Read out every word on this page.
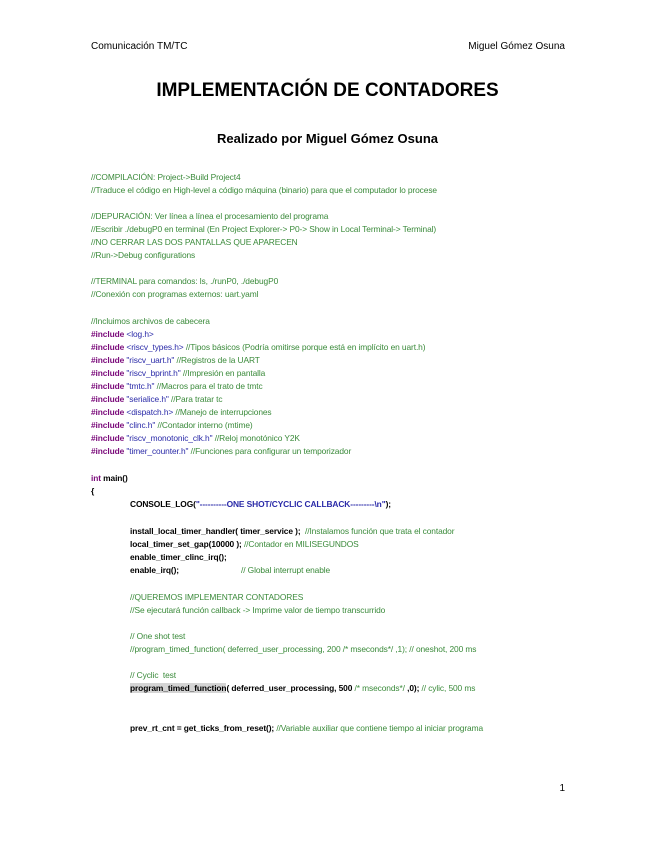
Comunicación TM/TC	Miguel Gómez Osuna
IMPLEMENTACIÓN DE CONTADORES
Realizado por Miguel Gómez Osuna
//COMPILACIÓN: Project->Build Project4
//Traduce el código en High-level a código máquina (binario) para que el computador lo procese
//DEPURACIÓN: Ver línea a línea el procesamiento del programa
//Escribir ./debugP0 en terminal (En Project Explorer-> P0-> Show in Local Terminal-> Terminal)
//NO CERRAR LAS DOS PANTALLAS QUE APARECEN
//Run->Debug configurations
//TERMINAL para comandos: ls, ./runP0, ./debugP0
//Conexión con programas externos: uart.yaml
//Incluimos archivos de cabecera
#include <log.h>
#include <riscv_types.h> //Tipos básicos (Podría omitirse porque está en implícito en uart.h)
#include "riscv_uart.h" //Registros de la UART
#include "riscv_bprint.h" //Impresión en pantalla
#include "tmtc.h" //Macros para el trato de tmtc
#include "serialice.h" //Para tratar tc
#include <dispatch.h> //Manejo de interrupciones
#include "clinc.h" //Contador interno (mtime)
#include "riscv_monotonic_clk.h" //Reloj monotónico Y2K
#include "timer_counter.h" //Funciones para configurar un temporizador
int main()
{
CONSOLE_LOG("----------ONE SHOT/CYCLIC CALLBACK---------\n");
install_local_timer_handler( timer_service ); //Instalamos función que trata el contador
local_timer_set_gap(10000 ); //Contador en MILISEGUNDOS
enable_timer_clinc_irq();
enable_irq();	// Global interrupt enable
//QUEREMOS IMPLEMENTAR CONTADORES
//Se ejecutará función callback -> Imprime valor de tiempo transcurrido
// One shot test
//program_timed_function( deferred_user_processing, 200 /* mseconds*/ ,1); // oneshot, 200 ms
// Cyclic  test
program_timed_function( deferred_user_processing, 500 /* mseconds*/ ,0); // cylic, 500 ms
prev_rt_cnt = get_ticks_from_reset(); //Variable auxiliar que contiene tiempo al iniciar programa
1
